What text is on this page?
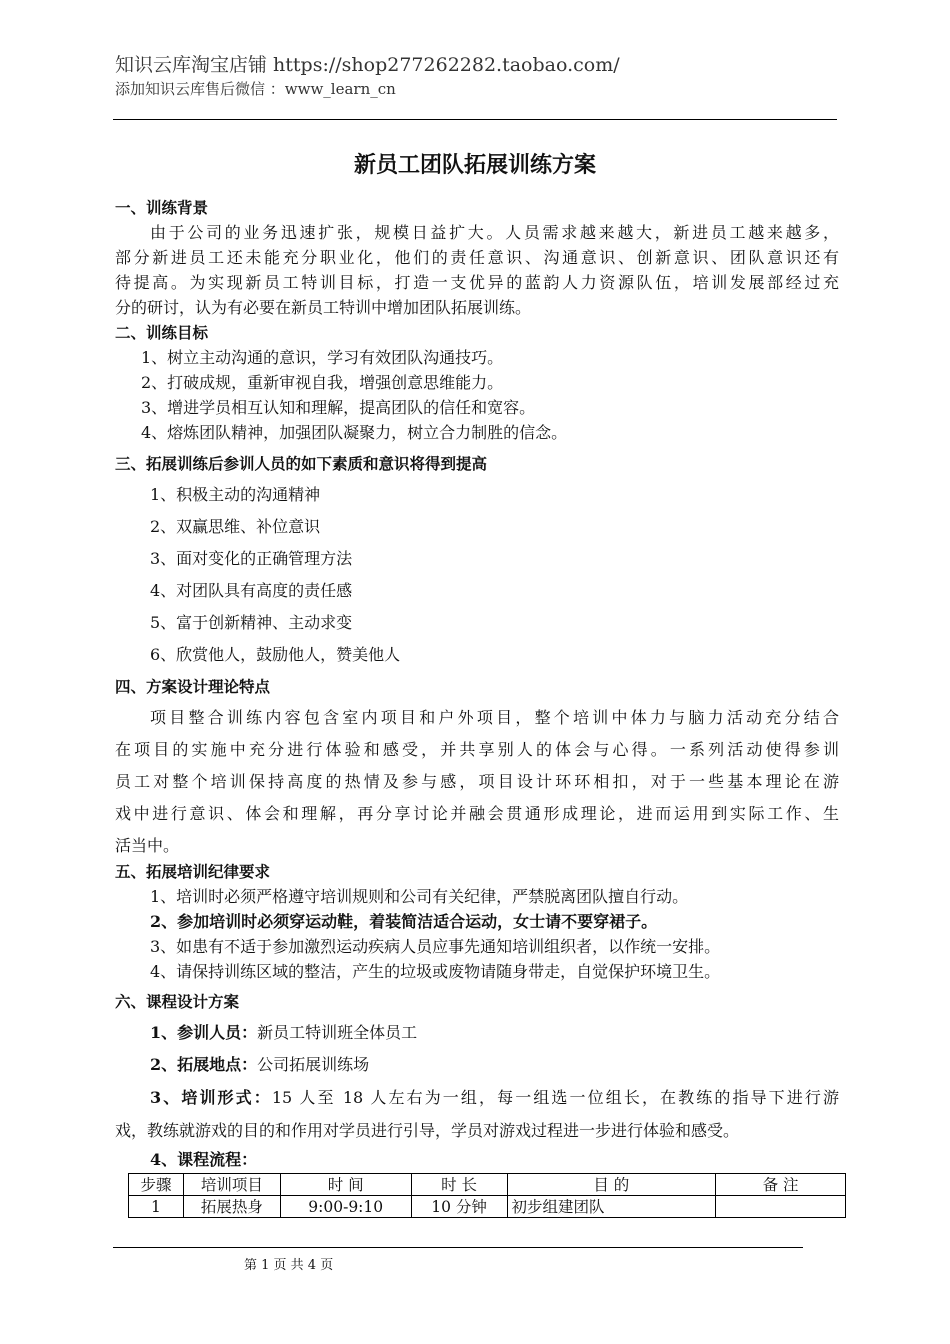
知识云库淘宝店铺 https://shop277262282.taobao.com/
添加知识云库售后微信 ：www_learn_cn
新员工团队拓展训练方案
一、训练背景
由于公司的业务迅速扩张，规模日益扩大。人员需求越来越大，新进员工越来越多，
部分新进员工还未能充分职业化，他们的责任意识、沟通意识、创新意识、团队意识还有
待提高。为实现新员工特训目标，打造一支优异的蓝韵人力资源队伍，培训发展部经过充
分的研讨，认为有必要在新员工特训中增加团队拓展训练。
二、训练目标
1、树立主动沟通的意识，学习有效团队沟通技巧。
2、打破成规，重新审视自我，增强创意思维能力。
3、增进学员相互认知和理解，提高团队的信任和宽容。
4、熔炼团队精神，加强团队凝聚力，树立合力制胜的信念。
三、拓展训练后参训人员的如下素质和意识将得到提高
1、积极主动的沟通精神
2、双赢思维、补位意识
3、面对变化的正确管理方法
4、对团队具有高度的责任感
5、富于创新精神、主动求变
6、欣赏他人，鼓励他人，赞美他人
四、方案设计理论特点
项目整合训练内容包含室内项目和户外项目，整个培训中体力与脑力活动充分结合
在项目的实施中充分进行体验和感受，并共享别人的体会与心得。一系列活动使得参训
员工对整个培训保持高度的热情及参与感，项目设计环环相扣，对于一些基本理论在游
戏中进行意识、体会和理解，再分享讨论并融会贯通形成理论，进而运用到实际工作、生
活当中。
五、拓展培训纪律要求
1、培训时必须严格遵守培训规则和公司有关纪律，严禁脱离团队擅自行动。
2、参加培训时必须穿运动鞋，着装简洁适合运动，女士请不要穿裙子。
3、如患有不适于参加激烈运动疾病人员应事先通知培训组织者，以作统一安排。
4、请保持训练区域的整洁，产生的垃圾或废物请随身带走，自觉保护环境卫生。
六、课程设计方案
1、参训人员：新员工特训班全体员工
2、拓展地点：公司拓展训练场
3、培训形式：15 人至 18 人左右为一组，每一组选一位组长，在教练的指导下进行游
戏，教练就游戏的目的和作用对学员进行引导，学员对游戏过程进一步进行体验和感受。
4、课程流程：
步骤	培训项目	时 间	时 长	目 的	备 注
1	拓展热身	9:00-9:10	10 分钟	初步组建团队	
第 1 页 共 4 页
